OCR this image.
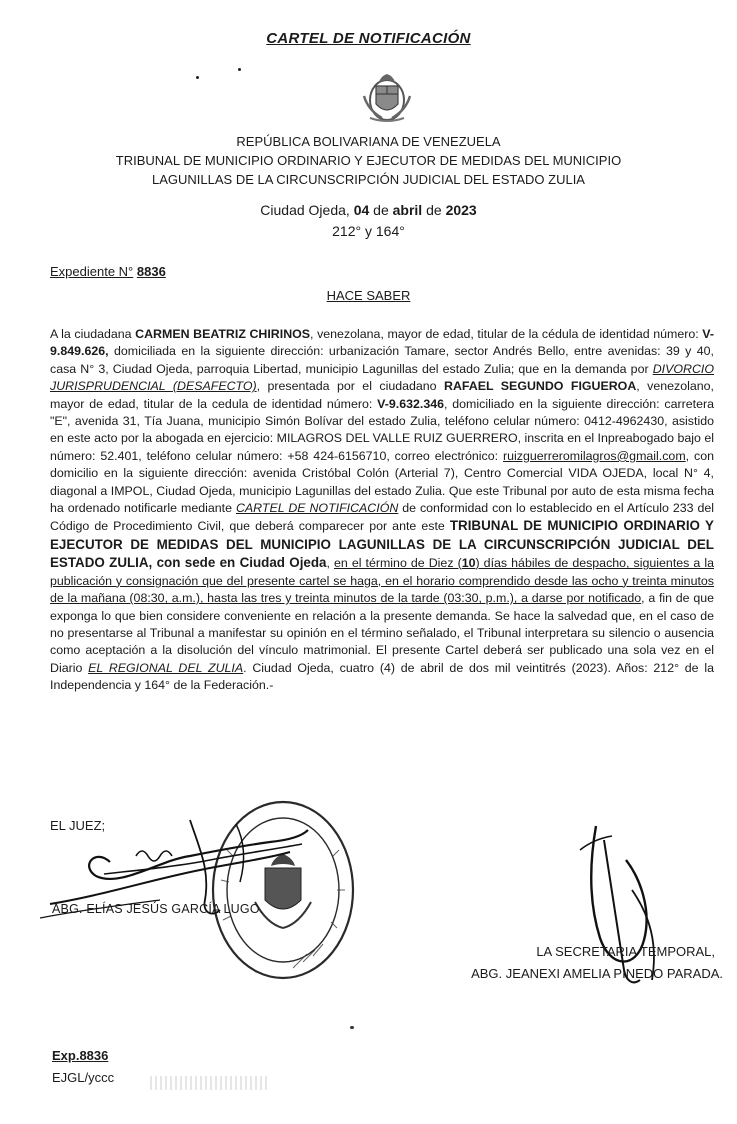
CARTEL DE NOTIFICACIÓN
REPÚBLICA BOLIVARIANA DE VENEZUELA
TRIBUNAL DE MUNICIPIO ORDINARIO Y EJECUTOR DE MEDIDAS DEL MUNICIPIO
LAGUNILLAS DE LA CIRCUNSCRIPCIÓN JUDICIAL DEL ESTADO ZULIA
Ciudad Ojeda, 04 de abril de 2023
212° y 164°
Expediente N° 8836
HACE SABER
A la ciudadana CARMEN BEATRIZ CHIRINOS, venezolana, mayor de edad, titular de la cédula de identidad número: V-9.849.626, domiciliada en la siguiente dirección: urbanización Tamare, sector Andrés Bello, entre avenidas: 39 y 40, casa N° 3, Ciudad Ojeda, parroquia Libertad, municipio Lagunillas del estado Zulia; que en la demanda por DIVORCIO JURISPRUDENCIAL (DESAFECTO), presentada por el ciudadano RAFAEL SEGUNDO FIGUEROA, venezolano, mayor de edad, titular de la cedula de identidad número: V-9.632.346, domiciliado en la siguiente dirección: carretera "E", avenida 31, Tía Juana, municipio Simón Bolívar del estado Zulia, teléfono celular número: 0412-4962430, asistido en este acto por la abogada en ejercicio: MILAGROS DEL VALLE RUIZ GUERRERO, inscrita en el Inpreabogado bajo el número: 52.401, teléfono celular número: +58 424-6156710, correo electrónico: ruizguerreromilagros@gmail.com, con domicilio en la siguiente dirección: avenida Cristóbal Colón (Arterial 7), Centro Comercial VIDA OJEDA, local N° 4, diagonal a IMPOL, Ciudad Ojeda, municipio Lagunillas del estado Zulia. Que este Tribunal por auto de esta misma fecha ha ordenado notificarle mediante CARTEL DE NOTIFICACIÓN de conformidad con lo establecido en el Artículo 233 del Código de Procedimiento Civil, que deberá comparecer por ante este TRIBUNAL DE MUNICIPIO ORDINARIO Y EJECUTOR DE MEDIDAS DEL MUNICIPIO LAGUNILLAS DE LA CIRCUNSCRIPCIÓN JUDICIAL DEL ESTADO ZULIA, con sede en Ciudad Ojeda, en el término de Diez (10) días hábiles de despacho, siguientes a la publicación y consignación que del presente cartel se haga, en el horario comprendido desde las ocho y treinta minutos de la mañana (08:30, a.m.), hasta las tres y treinta minutos de la tarde (03:30, p.m.), a darse por notificado, a fin de que exponga lo que bien considere conveniente en relación a la presente demanda. Se hace la salvedad que, en el caso de no presentarse al Tribunal a manifestar su opinión en el término señalado, el Tribunal interpretara su silencio o ausencia como aceptación a la disolución del vínculo matrimonial. El presente Cartel deberá ser publicado una sola vez en el Diario EL REGIONAL DEL ZULIA. Ciudad Ojeda, cuatro (4) de abril de dos mil veintitrés (2023). Años: 212° de la Independencia y 164° de la Federación.-
EL JUEZ;
ABG. ELÍAS JESÚS GARCÍA LUGO.
LA SECRETARIA TEMPORAL,
ABG. JEANEXI AMELIA PINEDO PARADA.
Exp.8836
EJGL/yccc
